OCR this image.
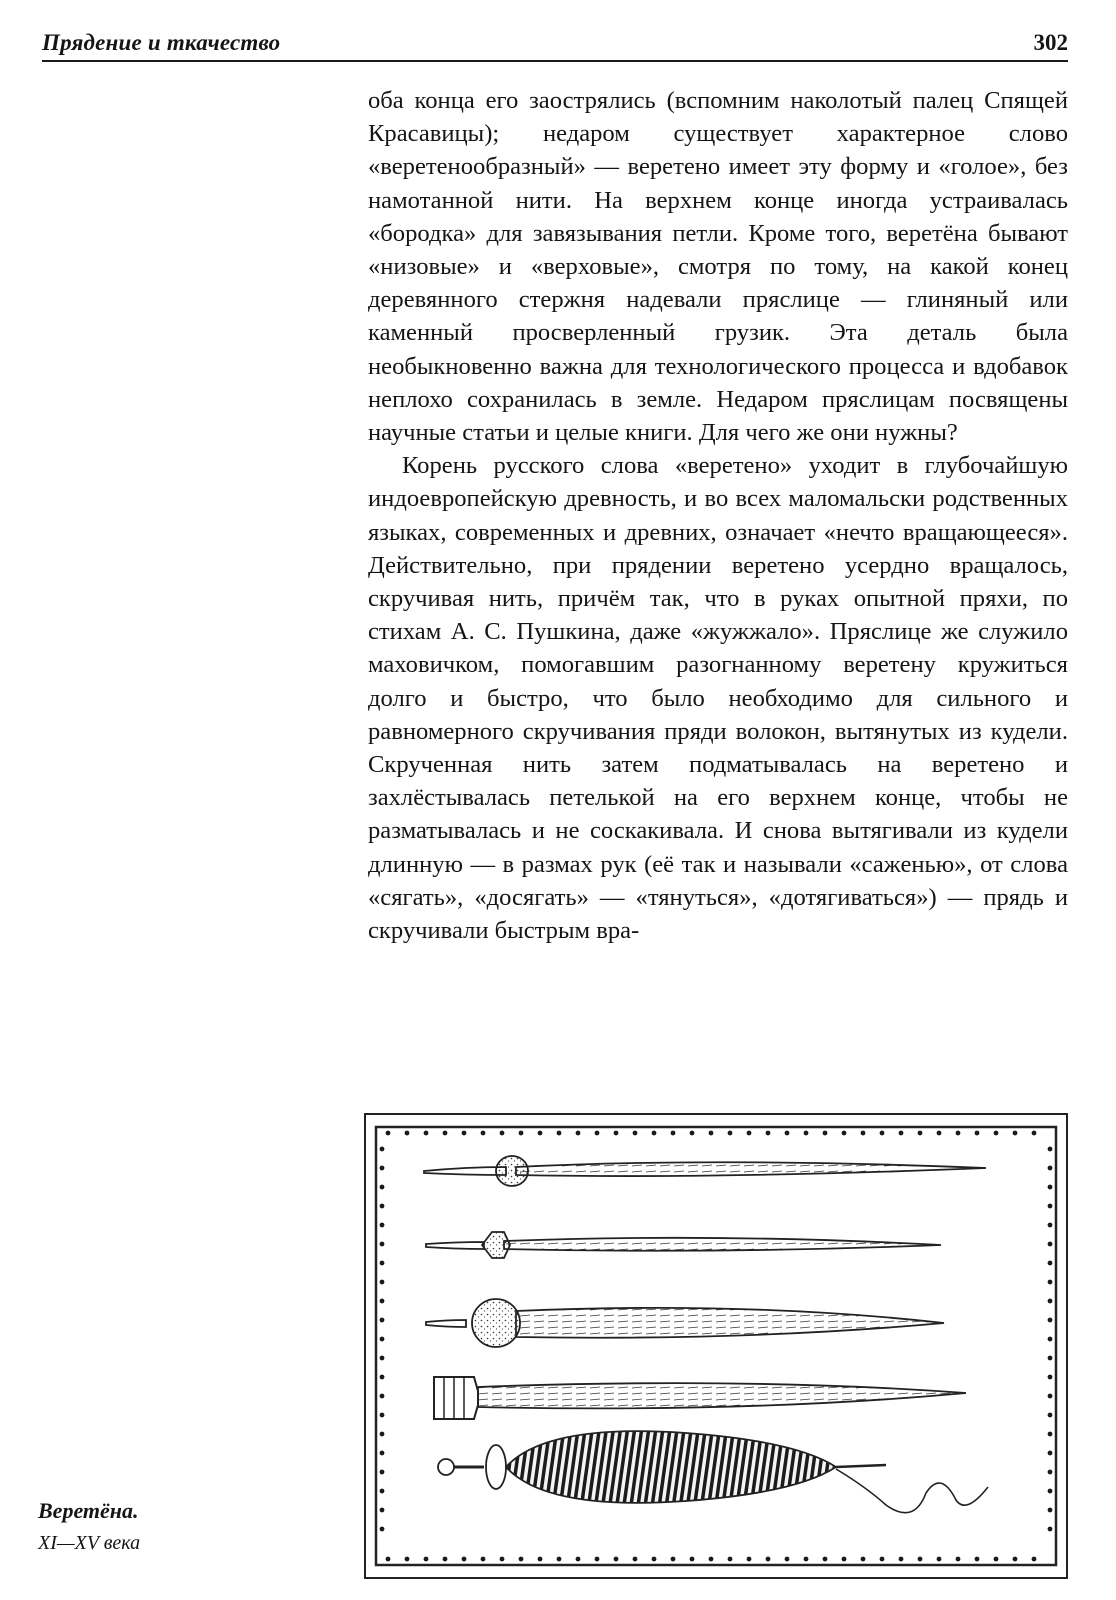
Прядение и ткачество	302

оба конца его заострялись (вспомним наколотый палец Спящей Красавицы); недаром существует характерное слово «веретенообразный» — веретено имеет эту форму и «голое», без намотанной нити. На верхнем конце иногда устраивалась «бородка» для завязывания петли. Кроме того, веретёна бывают «низовые» и «верховые», смотря по тому, на какой конец деревянного стержня надевали пряслице — глиняный или каменный просверленный грузик. Эта деталь была необыкновенно важна для технологического процесса и вдобавок неплохо сохранилась в земле. Недаром пряслицам посвящены научные статьи и целые книги. Для чего же они нужны?

Корень русского слова «веретено» уходит в глубочайшую индоевропейскую древность, и во всех маломальски родственных языках, современных и древних, означает «нечто вращающееся». Действительно, при прядении веретено усердно вращалось, скручивая нить, причём так, что в руках опытной пряхи, по стихам А. С. Пушкина, даже «жужжало». Пряслице же служило маховичком, помогавшим разогнанному веретену кружиться долго и быстро, что было необходимо для сильного и равномерного скручивания пряди волокон, вытянутых из кудели. Скрученная нить затем подматывалась на веретено и захлёстывалась петелькой на его верхнем конце, чтобы не разматывалась и не соскакивала. И снова вытягивали из кудели длинную — в размах рук (её так и называли «саженью», от слова «сягать», «досягать» — «тянуться», «дотягиваться») — прядь и скручивали быстрым вра-

Веретёна.
XI—XV века
